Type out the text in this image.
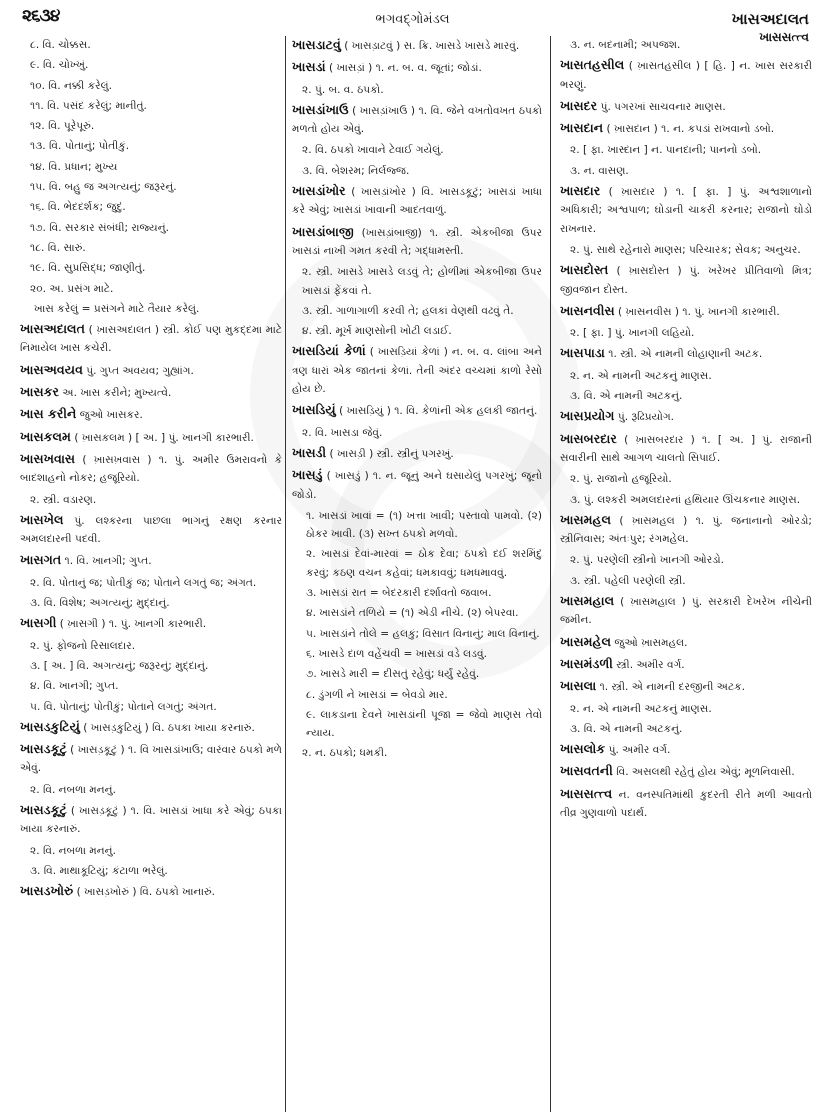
૨૬૩૪	ભગવદ્‌ગોમંડલ	ખાસઅદાલત
ખાસસત્ત્વ
૮. વિ. ચોક્કસ.
૯. વિ. ચોખ્ખું.
૧૦. વિ. નક્કી કરેલું.
૧૧. વિ. પસંદ કરેલું; માનીતું.
૧૨. વિ. પૂરેપૂરું.
૧૩. વિ. પોતાનું; પોતીકું.
૧૪. વિ. પ્રધાન; મુખ્ય
૧૫. વિ. બહુ જ અગત્યનું; જરૂરનું.
૧૬. વિ. ભેદદર્શક; જુદું.
૧૭. વિ. સરકાર સંબંધી; રાજ્યનું.
૧૮. વિ. સારું.
૧૯. વિ. સુપ્રસિદ્ધ; જાણીતું.
૨૦. અ. પ્રસંગ માટે.
ખાસ કરેલું = પ્રસંગને માટે તૈયાર કરેલું.
ખાસઅદાલત ( ખા઼સઅદાલત ) સ્ત્રી. કોઈ પણ મુકદ્દમા માટે નિમાયેલ ખાસ કચેરી.
ખાસઅવયવ પું. ગુપ્ત અવયવ; ગુહ્યાંગ.
ખાસકર અ. ખાસ કરીને; મુખ્યત્વે.
ખાસ કરીને જુઓ ખાસકર.
ખાસકલમ ( ખા઼સક઼લમ ) [ અ. ] પું. ખાનગી કારભારી.
ખાસખવાસ ( ખા઼સખ઼વાસ ) ૧. પું. અમીર ઉમરાવનો કે બાદશાહનો નોકર; હજૂરિયો.
૨. સ્ત્રી. વડારણ.
ખાસખેલ પું. લશ્કરના પાછલા ભાગનું રક્ષણ કરનાર અમલદારની પદવી.
ખાસગત ૧. વિ. ખાનગી; ગુપ્ત.
૨. વિ. પોતાનું જ; પોતીકું જ; પોતાને લગતું જ; અંગત.
૩. વિ. વિશેષ; અગત્યનું; મુદ્દાનું.
ખાસગી ( ખા઼સગી ) ૧. પું. ખાનગી કારભારી.
૨. પું. ફોજનો રિસાલદાર.
૩. [ અ. ] વિ. અગત્યનું; જરૂરનું; મુદ્દાનું.
૪. વિ. ખાનગી; ગુપ્ત.
૫. વિ. પોતાનું; પોતીકું; પોતાને લગતું; અંગત.
ખાસડકુટિયું ( ખાસડ઼કુટિયું ) વિ. ઠપકા ખાયા કરનારું.
ખાસડકૂટું ( ખાસડ઼કૂટું ) ૧. વિ ખાસડાંખાઉ; વારંવાર ઠપકો મળે એવું.
૨. વિ. નબળા મનનું.
ખાસડકૂટું ( ખાસડ઼કૂટું ) ૧. વિ. ખાસડાં ખાધા કરે એવું; ઠપકા ખાયા કરનારું.
૨. વિ. નબળા મનનું.
૩. વિ. માથાકૂટિયું; કંટાળા ભરેલું.
ખાસડખોરું ( ખાસડ઼ખોરું ) વિ. ઠપકો ખાનારું.
ખાસડાટવું ( ખાસડ઼ાટવું ) સ. ક્રિ. ખાસડે ખાસડે મારવું.
ખાસડાં ( ખાસડ઼ાં ) ૧. ન. બ. વ. જૂતાં; જોડાં.
૨. પું. બ. વ. ઠપકો.
ખાસડાંખાઉ ( ખાસડ઼ાંખાઉ ) ૧. વિ. જેને વખતોવખત ઠપકો મળતો હોય એવું.
૨. વિ. ઠપકો ખાવાને ટેવાઈ ગયેલું.
૩. વિ. બેશરમ; નિર્લજ્જ.
ખાસડાંખોર ( ખાસડ઼ાંખોર ) વિ. ખાસડકૂટું; ખાસડાં ખાધા કરે એવું; ખાસડાં ખાવાની આદતવાળું.
ખાસડાંબાજી (ખાસડ઼ાંબાજી) ૧. સ્ત્રી. એકબીજા ઉપર ખાસડાં નાખી ગમત કરવી તે; ગદ્ધામસ્તી.
૨. સ્ત્રી. ખાસડે ખાસડે લડવું તે; હોળીમાં એકબીજા ઉપર ખાસડાં ફેંકવાં તે.
૩. સ્ત્રી. ગાળાગાળી કરવી તે; હલકાં વેણથી વઢવું તે.
૪. સ્ત્રી. મૂર્ખ માણસોની ખોટી લડાઈ.
ખાસડિયાં કેળાં ( ખાસડ઼િયાં કેળાં ) ન. બ. વ. લાંબા અને ત્રણ ધારાં એક જાતનાં કેળાં. તેની અંદર વચ્ચમાં કાળો રેસો હોય છે.
ખાસડિયું ( ખાસડ઼િયું ) ૧. વિ. કેળાંની એક હલકી જાતનું.
૨. વિ. ખાસડા જેવું.
ખાસડી ( ખાસડ઼ી ) સ્ત્રી. સ્ત્રીનું પગરખું.
ખાસડું ( ખાસડ઼ું ) ૧. ન. જૂનું અને ઘસાયેલું પગરખું; જૂનો જોડો.
૧. ખાસડાં ખાવાં = (૧) ખત્તા ખાવી; પસ્તાવો પામવો. (૨) ઠોકર ખાવી. (૩) સખ્ત ઠપકો મળવો.
૨. ખાસડાં દેવાં-મારવાં = ઠોક દેવા; ઠપકો દઈ શરમિંદું કરવું; કઠણ વચન કહેવાં; ધમકાવવું; ધમધમાવવું.
૩. ખાસડાં રાત = બેદરકારી દર્શાવતો જવાબ.
૪. ખાસડાંને તળિયે = (૧) એડી નીચે. (૨) બેપરવા.
૫. ખાસડાંને તોલે = હલકું; વિસાત વિનાનું; માલ વિનાનું.
૬. ખાસડે દાળ વહેંચવી = ખાસડાં વડે લડવું.
૭. ખાસડે મારી = દીસતું રહેવું; ધર્યું રહેવું.
૮. ડુંગળી ને ખાસડાં = બેવડો માર.
૯. લાકડાના દેવને ખાસડાંની પૂજા = જેવો માણસ તેવો ન્યાય.
૨. ન. ઠપકો; ધમકી.
૩. ન. બદનામી; અપજશ.
ખાસતહસીલ ( ખા઼સતહસીલ ) [ હિ. ] ન. ખાસ સરકારી ભરણું.
ખાસદર પું. પગરખાં સાચવનાર માણસ.
ખાસદાન ( ખા઼સદાન ) ૧. ન. કપડાં રાખવાનો ડબો.
૨. [ ફા. ખાસ્દાન ] ન. પાનદાની; પાનનો ડબો.
૩. ન. વાસણ.
ખાસદાર ( ખા઼સદાર ) ૧. [ ફા. ] પું. અશ્વશાળાનો અધિકારી; અશ્વપાળ; ઘોડાની ચાકરી કરનાર; રાજાનો ઘોડો રાખનાર.
૨. પું. સાથે રહેનારો માણસ; પરિચારક; સેવક; અનુચર.
ખાસદોસ્ત ( ખા઼સદોસ્ત ) પું. ખરેખર પ્રીતિવાળો મિત્ર; જીવજાન દોસ્ત.
ખાસનવીસ ( ખા઼સનવીસ ) ૧. પું. ખાનગી કારભારી.
૨. [ ફા. ] પું. ખાનગી લહિયો.
ખાસપાડા ૧. સ્ત્રી. એ નામની લોહાણાની અટક.
૨. ન. એ નામની અટકનું માણસ.
૩. વિ. એ નામની અટકનું.
ખાસપ્રયોગ પું. રૂઢિપ્રયોગ.
ખાસબરદાર ( ખા઼સબરદાર ) ૧. [ અ. ] પું. રાજાની સવારીની સાથે આગળ ચાલતો સિપાઈ.
૨. પું. રાજાનો હજૂરિયો.
૩. પું. લશ્કરી અમલદારનાં હથિયાર ઊંચકનાર માણસ.
ખાસમહલ ( ખા઼સમહલ ) ૧. પું. જનાનાનો ઓરડો; સ્ત્રીનિવાસ; અંતઃપુર; રંગમહેલ.
૨. પું. પરણેલી સ્ત્રીનો ખાનગી ઓરડો.
૩. સ્ત્રી. પહેલી પરણેલી સ્ત્રી.
ખાસમહાલ ( ખા઼સમહાલ ) પું. સરકારી દેખરેખ નીચેની જમીન.
ખાસમહેલ જુઓ ખા઼સમહલ.
ખાસમંડળી સ્ત્રી. અમીર વર્ગ.
ખાસલા ૧. સ્ત્રી. એ નામની દરજીની અટક.
૨. ન. એ નામની અટકનું માણસ.
૩. વિ. એ નામની અટકનું.
ખાસલોક પું. અમીર વર્ગ.
ખાસવતની વિ. અસલથી રહેતું હોય એવું; મૂળનિવાસી.
ખાસસત્ત્વ ન. વનસ્પતિમાંથી કુદરતી રીતે મળી આવતો તીવ્ર ગુણવાળો પદાર્થ.
